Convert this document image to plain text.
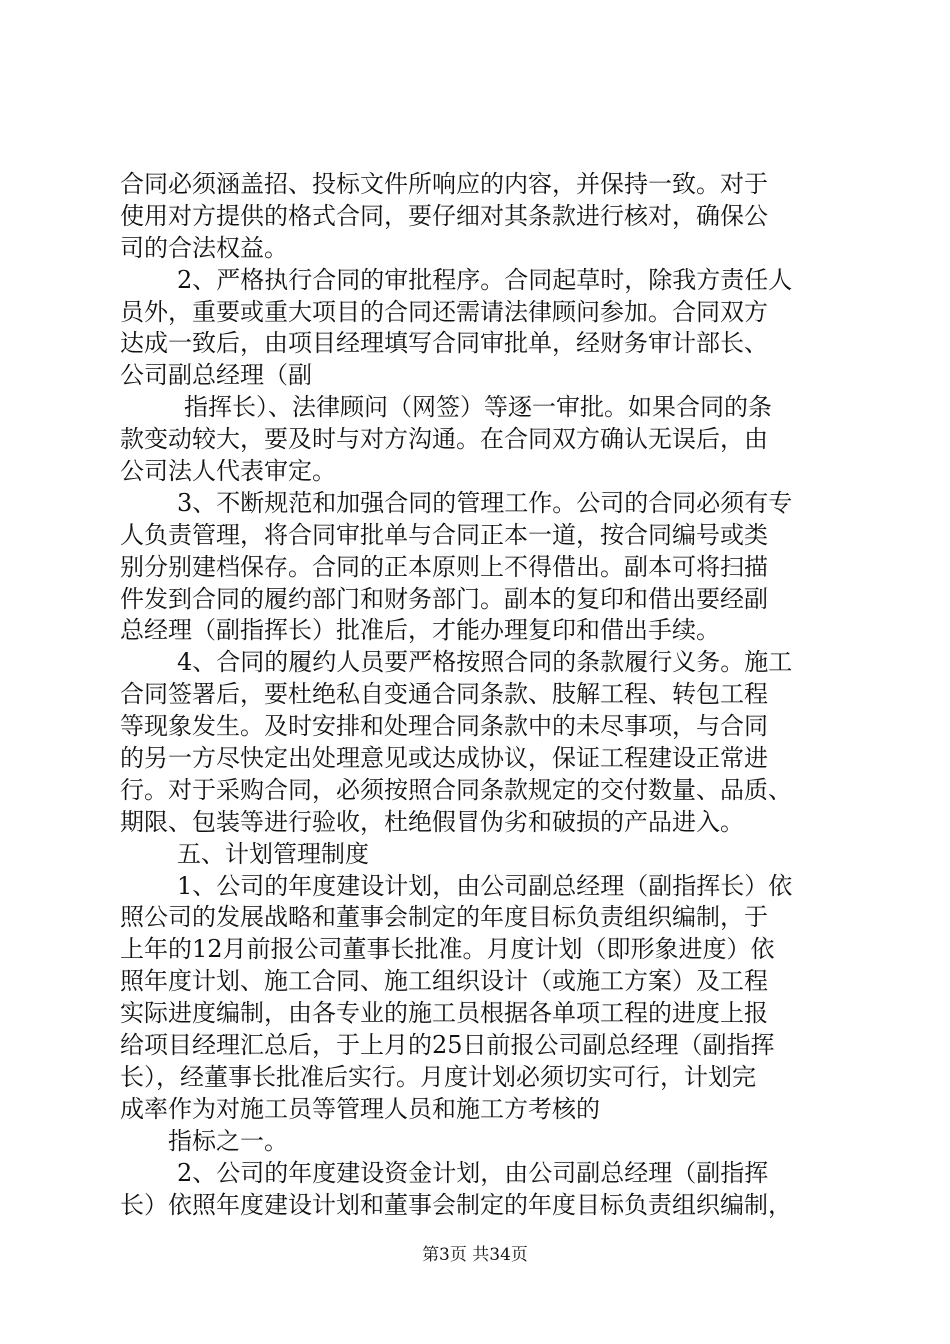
合同必须涵盖招、投标文件所响应的内容，并保持一致。对于
使用对方提供的格式合同，要仔细对其条款进行核对，确保公
司的合法权益。
2、严格执行合同的审批程序。合同起草时，除我方责任人
员外，重要或重大项目的合同还需请法律顾问参加。合同双方
达成一致后，由项目经理填写合同审批单，经财务审计部长、
公司副总经理（副
指挥长）、法律顾问（网签）等逐一审批。如果合同的条
款变动较大，要及时与对方沟通。在合同双方确认无误后，由
公司法人代表审定。
3、不断规范和加强合同的管理工作。公司的合同必须有专
人负责管理，将合同审批单与合同正本一道，按合同编号或类
别分别建档保存。合同的正本原则上不得借出。副本可将扫描
件发到合同的履约部门和财务部门。副本的复印和借出要经副
总经理（副指挥长）批准后，才能办理复印和借出手续。
4、合同的履约人员要严格按照合同的条款履行义务。施工
合同签署后，要杜绝私自变通合同条款、肢解工程、转包工程
等现象发生。及时安排和处理合同条款中的未尽事项，与合同
的另一方尽快定出处理意见或达成协议，保证工程建设正常进
行。对于采购合同，必须按照合同条款规定的交付数量、品质、
期限、包装等进行验收，杜绝假冒伪劣和破损的产品进入。
五、计划管理制度
1、公司的年度建设计划，由公司副总经理（副指挥长）依
照公司的发展战略和董事会制定的年度目标负责组织编制，于
上年的12月前报公司董事长批准。月度计划（即形象进度）依
照年度计划、施工合同、施工组织设计（或施工方案）及工程
实际进度编制，由各专业的施工员根据各单项工程的进度上报
给项目经理汇总后，于上月的25日前报公司副总经理（副指挥
长），经董事长批准后实行。月度计划必须切实可行，计划完
成率作为对施工员等管理人员和施工方考核的
指标之一。
2、公司的年度建设资金计划，由公司副总经理（副指挥
长）依照年度建设计划和董事会制定的年度目标负责组织编制，
第3页 共34页
